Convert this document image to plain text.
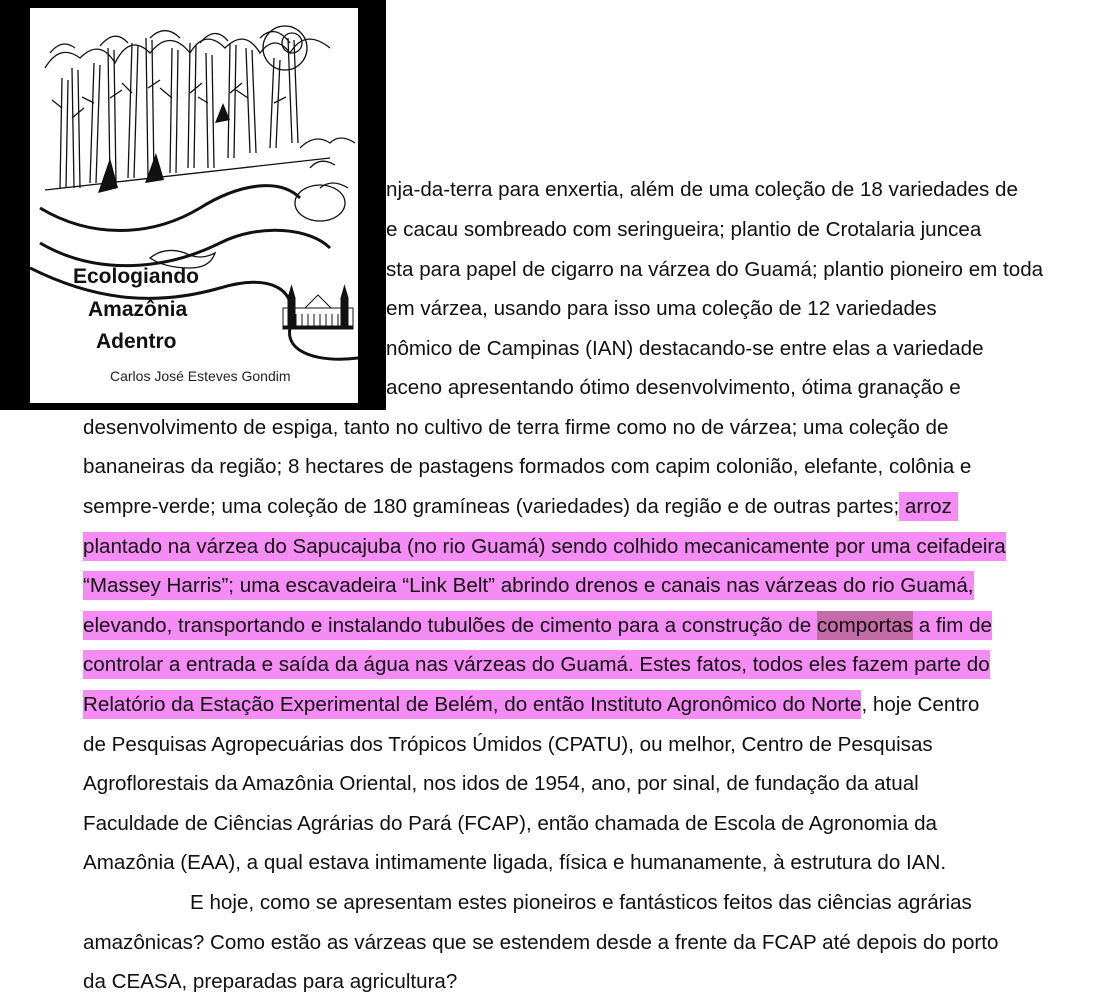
nja-da-terra para enxertia, além de uma coleção de 18 variedades de
e cacau sombreado com seringueira; plantio de Crotalaria juncea
sta para papel de cigarro na várzea do Guamá; plantio pioneiro em toda
em várzea, usando para isso uma coleção de 12 variedades
nômico de Campinas (IAN) destacando-se entre elas a variedade
aceno apresentando ótimo desenvolvimento, ótima granação e
desenvolvimento de espiga, tanto no cultivo de terra firme como no de várzea; uma coleção de
bananeiras da região; 8 hectares de pastagens formados com capim colonião, elefante, colônia e
sempre-verde; uma coleção de 180 gramíneas (variedades) da região e de outras partes; arroz
plantado na várzea do Sapucajuba (no rio Guamá) sendo colhido mecanicamente por uma ceifadeira
“Massey Harris”; uma escavadeira “Link Belt” abrindo drenos e canais nas várzeas do rio Guamá,
elevando, transportando e instalando tubulões de cimento para a construção de comportas a fim de
controlar a entrada e saída da água nas várzeas do Guamá. Estes fatos, todos eles fazem parte do
Relatório da Estação Experimental de Belém, do então Instituto Agronômico do Norte, hoje Centro
de Pesquisas Agropecuárias dos Trópicos Úmidos (CPATU), ou melhor, Centro de Pesquisas
Agroflorestais da Amazônia Oriental, nos idos de 1954, ano, por sinal, de fundação da atual
Faculdade de Ciências Agrárias do Pará (FCAP), então chamada de Escola de Agronomia da
Amazônia (EAA), a qual estava intimamente ligada, física e humanamente, à estrutura do IAN.
E hoje, como se apresentam estes pioneiros e fantásticos feitos das ciências agrárias
amazônicas? Como estão as várzeas que se estendem desde a frente da FCAP até depois do porto
da CEASA, preparadas para agricultura?
Ecologiando
Amazônia
Adentro
Carlos José Esteves Gondim
